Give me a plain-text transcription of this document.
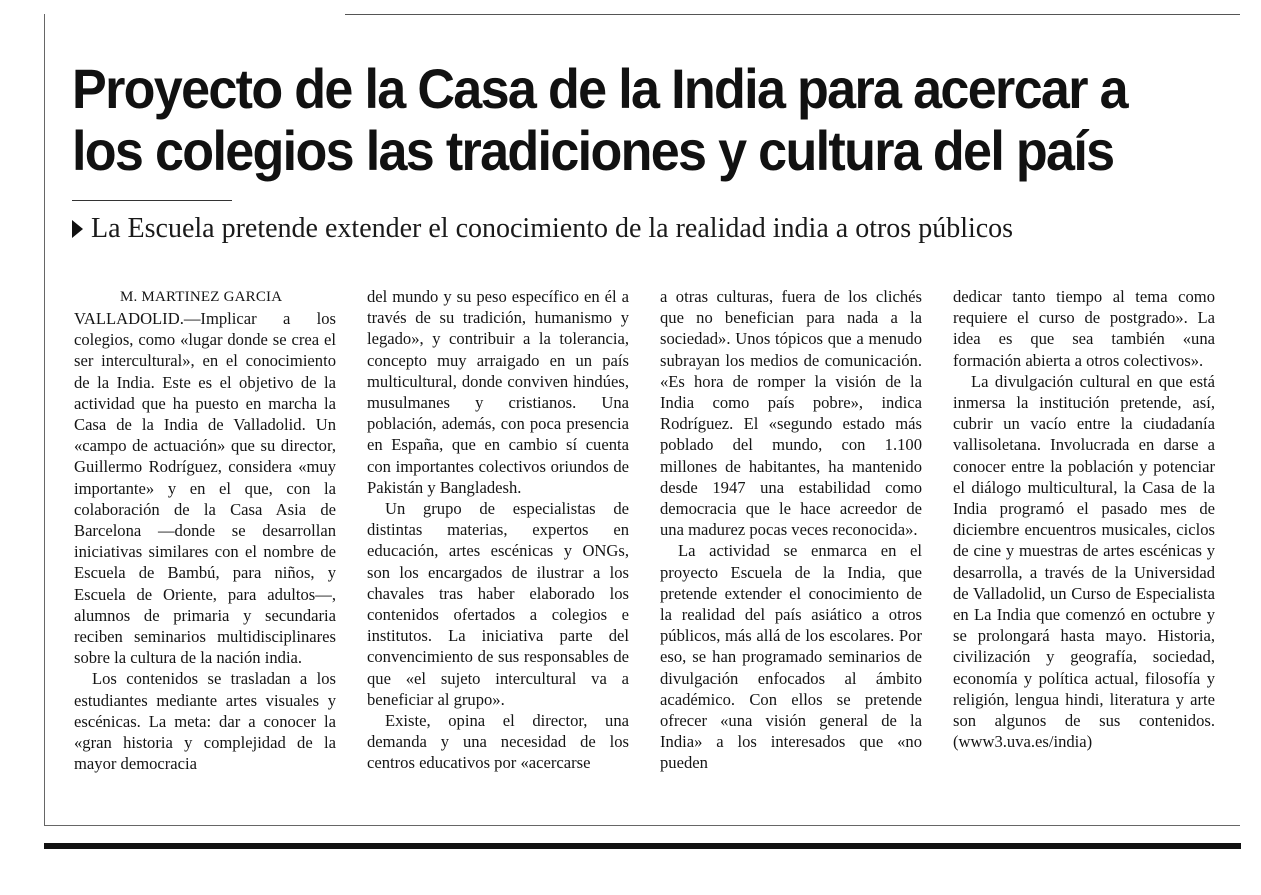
Proyecto de la Casa de la India para acercar a los colegios las tradiciones y cultura del país
La Escuela pretende extender el conocimiento de la realidad india a otros públicos
M. MARTINEZ GARCIA

VALLADOLID.—Implicar a los colegios, como «lugar donde se crea el ser intercultural», en el conocimiento de la India. Este es el objetivo de la actividad que ha puesto en marcha la Casa de la India de Valladolid. Un «campo de actuación» que su director, Guillermo Rodríguez, considera «muy importante» y en el que, con la colaboración de la Casa Asia de Barcelona —donde se desarrollan iniciativas similares con el nombre de Escuela de Bambú, para niños, y Escuela de Oriente, para adultos—, alumnos de primaria y secundaria reciben seminarios multidisciplinares sobre la cultura de la nación india.

Los contenidos se trasladan a los estudiantes mediante artes visuales y escénicas. La meta: dar a conocer la «gran historia y complejidad de la mayor democracia

del mundo y su peso específico en él a través de su tradición, humanismo y legado», y contribuir a la tolerancia, concepto muy arraigado en un país multicultural, donde conviven hindúes, musulmanes y cristianos. Una población, además, con poca presencia en España, que en cambio sí cuenta con importantes colectivos oriundos de Pakistán y Bangladesh.

Un grupo de especialistas de distintas materias, expertos en educación, artes escénicas y ONGs, son los encargados de ilustrar a los chavales tras haber elaborado los contenidos ofertados a colegios e institutos. La iniciativa parte del convencimiento de sus responsables de que «el sujeto intercultural va a beneficiar al grupo».

Existe, opina el director, una demanda y una necesidad de los centros educativos por «acercarse

a otras culturas, fuera de los clichés que no benefician para nada a la sociedad». Unos tópicos que a menudo subrayan los medios de comunicación. «Es hora de romper la visión de la India como país pobre», indica Rodríguez. El «segundo estado más poblado del mundo, con 1.100 millones de habitantes, ha mantenido desde 1947 una estabilidad como democracia que le hace acreedor de una madurez pocas veces reconocida».

La actividad se enmarca en el proyecto Escuela de la India, que pretende extender el conocimiento de la realidad del país asiático a otros públicos, más allá de los escolares. Por eso, se han programado seminarios de divulgación enfocados al ámbito académico. Con ellos se pretende ofrecer «una visión general de la India» a los interesados que «no pueden

dedicar tanto tiempo al tema como requiere el curso de postgrado». La idea es que sea también «una formación abierta a otros colectivos».

La divulgación cultural en que está inmersa la institución pretende, así, cubrir un vacío entre la ciudadanía vallisoletana. Involucrada en darse a conocer entre la población y potenciar el diálogo multicultural, la Casa de la India programó el pasado mes de diciembre encuentros musicales, ciclos de cine y muestras de artes escénicas y desarrolla, a través de la Universidad de Valladolid, un Curso de Especialista en La India que comenzó en octubre y se prolongará hasta mayo. Historia, civilización y geografía, sociedad, economía y política actual, filosofía y religión, lengua hindi, literatura y arte son algunos de sus contenidos. (www3.uva.es/india)
